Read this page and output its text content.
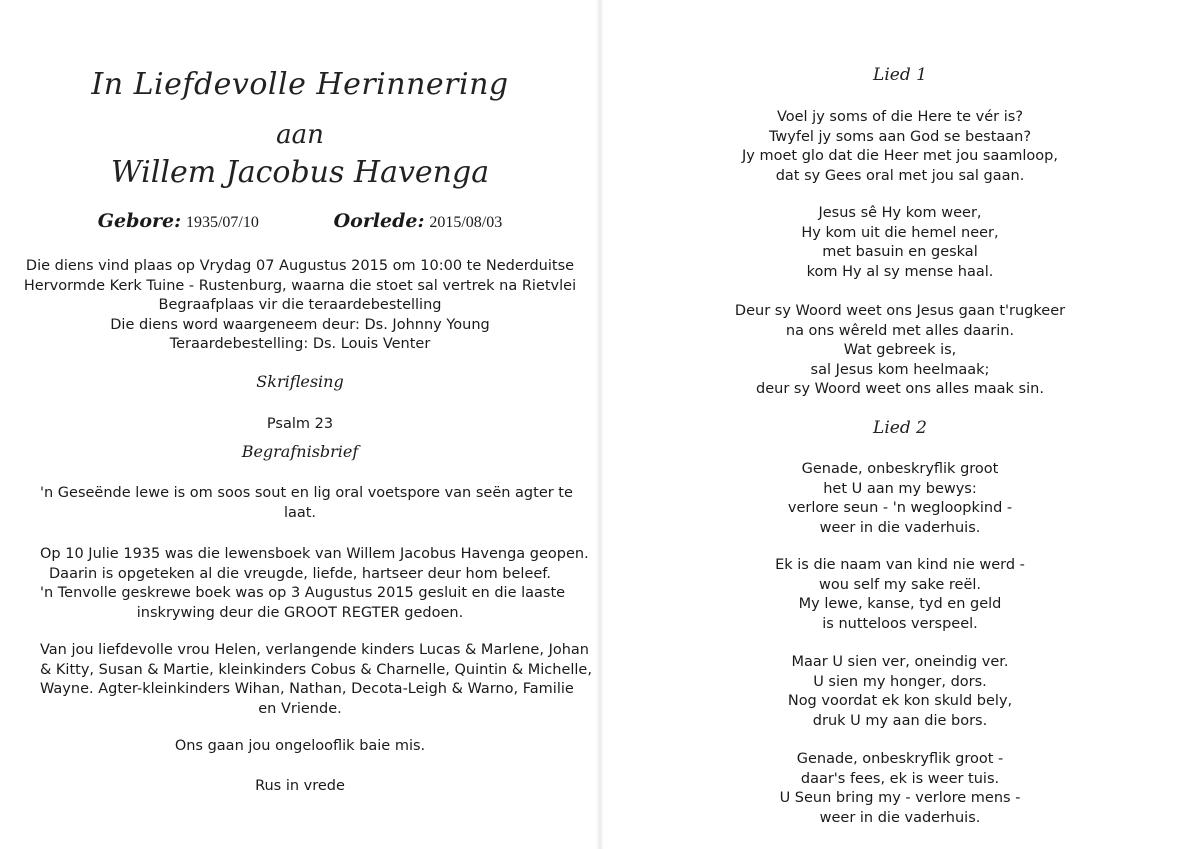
In Liefdevolle Herinnering
aan
Willem Jacobus Havenga
Gebore: 1935/07/10	Oorlede: 2015/08/03
Die diens vind plaas op Vrydag 07 Augustus 2015 om 10:00 te Nederduitse
Hervormde Kerk Tuine - Rustenburg, waarna die stoet sal vertrek na Rietvlei
Begraafplaas vir die teraardebestelling
Die diens word waargeneem deur: Ds. Johnny Young
Teraardebestelling: Ds. Louis Venter
Skriflesing
Psalm 23
Begrafnisbrief
'n Geseënde lewe is om soos sout en lig oral voetspore van seën agter te
laat.
Op 10 Julie 1935 was die lewensboek van Willem Jacobus Havenga geopen.
Daarin is opgeteken al die vreugde, liefde, hartseer deur hom beleef.
'n Tenvolle geskrewe boek was op 3 Augustus 2015 gesluit en die laaste
inskrywing deur die GROOT REGTER gedoen.
Van jou liefdevolle vrou Helen, verlangende kinders Lucas & Marlene, Johan
& Kitty, Susan & Martie, kleinkinders Cobus & Charnelle, Quintin & Michelle,
Wayne. Agter-kleinkinders Wihan, Nathan, Decota-Leigh & Warno, Familie
en Vriende.
Ons gaan jou ongelooflik baie mis.
Rus in vrede
Lied 1
Voel jy soms of die Here te vér is?
Twyfel jy soms aan God se bestaan?
Jy moet glo dat die Heer met jou saamloop,
dat sy Gees oral met jou sal gaan.
Jesus sê Hy kom weer,
Hy kom uit die hemel neer,
met basuin en geskal
kom Hy al sy mense haal.
Deur sy Woord weet ons Jesus gaan t'rugkeer
na ons wêreld met alles daarin.
Wat gebreek is,
sal Jesus kom heelmaak;
deur sy Woord weet ons alles maak sin.
Lied 2
Genade, onbeskryflik groot
het U aan my bewys:
verlore seun - 'n wegloopkind -
weer in die vaderhuis.
Ek is die naam van kind nie werd -
wou self my sake reël.
My lewe, kanse, tyd en geld
is nutteloos verspeel.
Maar U sien ver, oneindig ver.
U sien my honger, dors.
Nog voordat ek kon skuld bely,
druk U my aan die bors.
Genade, onbeskryflik groot -
daar's fees, ek is weer tuis.
U Seun bring my - verlore mens -
weer in die vaderhuis.
